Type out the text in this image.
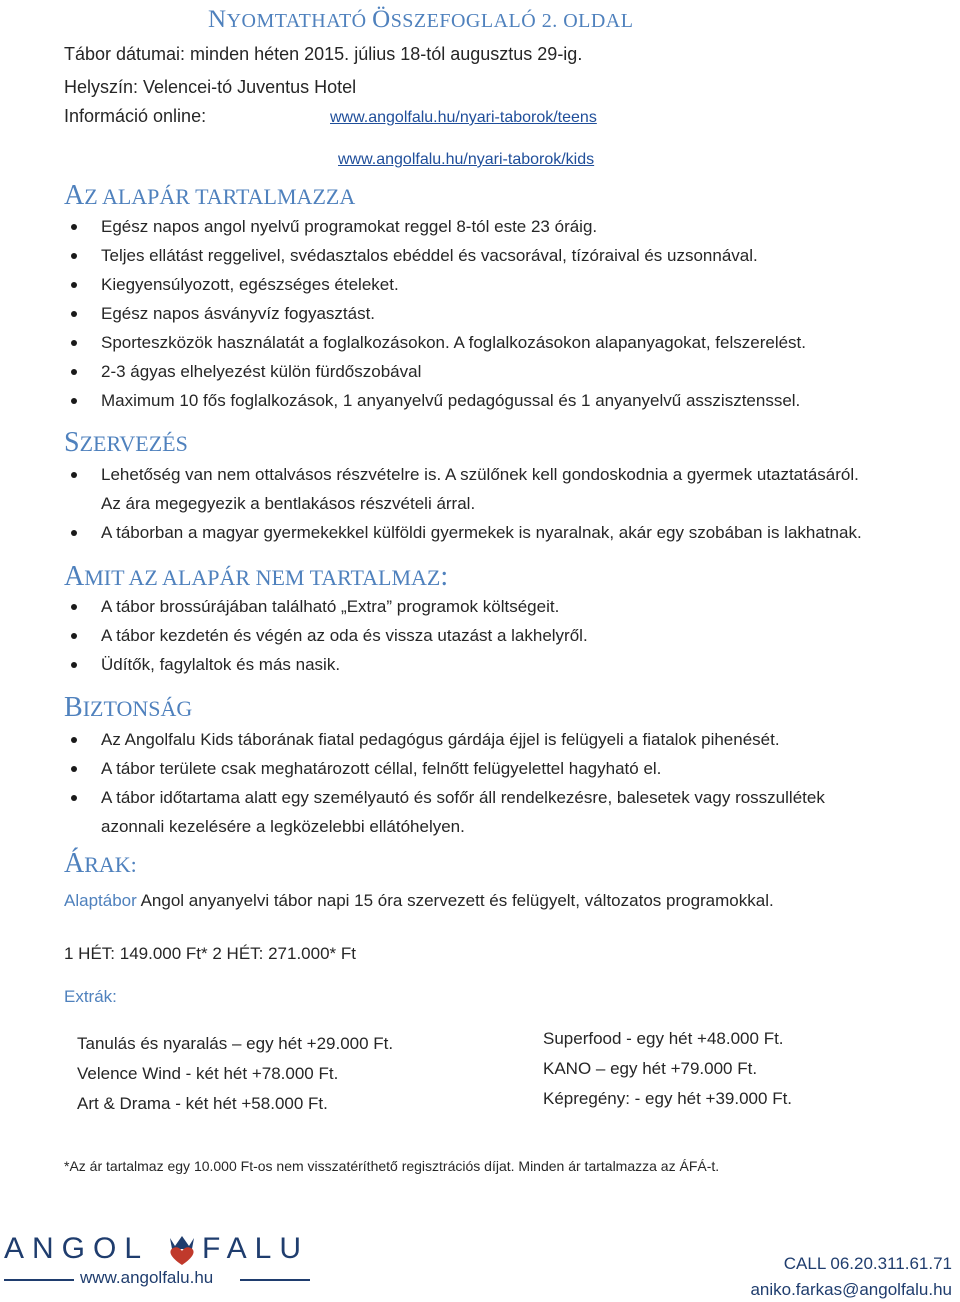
NYOMTATHATÓ ÖSSZEFOGLALÓ 2. OLDAL
Tábor dátumai: minden héten 2015. július 18-tól augusztus 29-ig.
Helyszín: Velencei-tó Juventus Hotel
Információ online:	www.angolfalu.hu/nyari-taborok/teens
www.angolfalu.hu/nyari-taborok/kids
AZ ALAPÁR TARTALMAZZA
Egész napos angol nyelvű programokat reggel 8-tól este 23 óráig.
Teljes ellátást reggelivel, svédasztalos ebéddel és vacsorával, tízóraival és uzsonnával.
Kiegyensúlyozott, egészséges ételeket.
Egész napos ásványvíz fogyasztást.
Sporteszközök használatát a foglalkozásokon. A foglalkozásokon alapanyagokat, felszerelést.
2-3 ágyas elhelyezést külön fürdőszobával
Maximum 10 fős foglalkozások, 1 anyanyelvű pedagógussal és 1 anyanyelvű asszisztenssel.
SZERVEZÉS
Lehetőség van nem ottalvásos részvételre is. A szülőnek kell gondoskodnia a gyermek utaztatásáról.
Az ára megegyezik a bentlakásos részvételi árral.
A táborban a magyar gyermekekkel külföldi gyermekek is nyaralnak, akár egy szobában is lakhatnak.
AMIT AZ ALAPÁR NEM TARTALMAZ:
A tábor brossúrájában található „Extra” programok költségeit.
A tábor kezdetén és végén az oda és vissza utazást a lakhelyről.
Üdítők, fagylaltok és más nasik.
BIZTONSÁG
Az Angolfalu Kids táborának fiatal pedagógus gárdája éjjel is felügyeli a fiatalok pihenését.
A tábor területe csak meghatározott céllal, felnőtt felügyelettel hagyható el.
A tábor időtartama alatt egy személyautó és sofőr áll rendelkezésre, balesetek vagy rosszullétek
azonnali kezelésére a legközelebbi ellátóhelyen.
ÁRAK:
Alaptábor Angol anyanyelvi tábor napi 15 óra szervezett és felügyelt, változatos programokkal.
1 HÉT: 149.000 Ft* 2 HÉT: 271.000* Ft
Extrák:
Tanulás és nyaralás – egy hét +29.000 Ft.
Velence Wind - két hét +78.000 Ft.
Art & Drama - két hét +58.000 Ft.
Superfood - egy hét +48.000 Ft.
KANO – egy hét +79.000 Ft.
Képregény: - egy hét +39.000 Ft.
*Az ár tartalmaz egy 10.000 Ft-os nem visszatéríthető regisztrációs díjat. Minden ár tartalmazza az ÁFÁ-t.
ANGOL FALU
www.angolfalu.hu
CALL 06.20.311.61.71
aniko.farkas@angolfalu.hu
